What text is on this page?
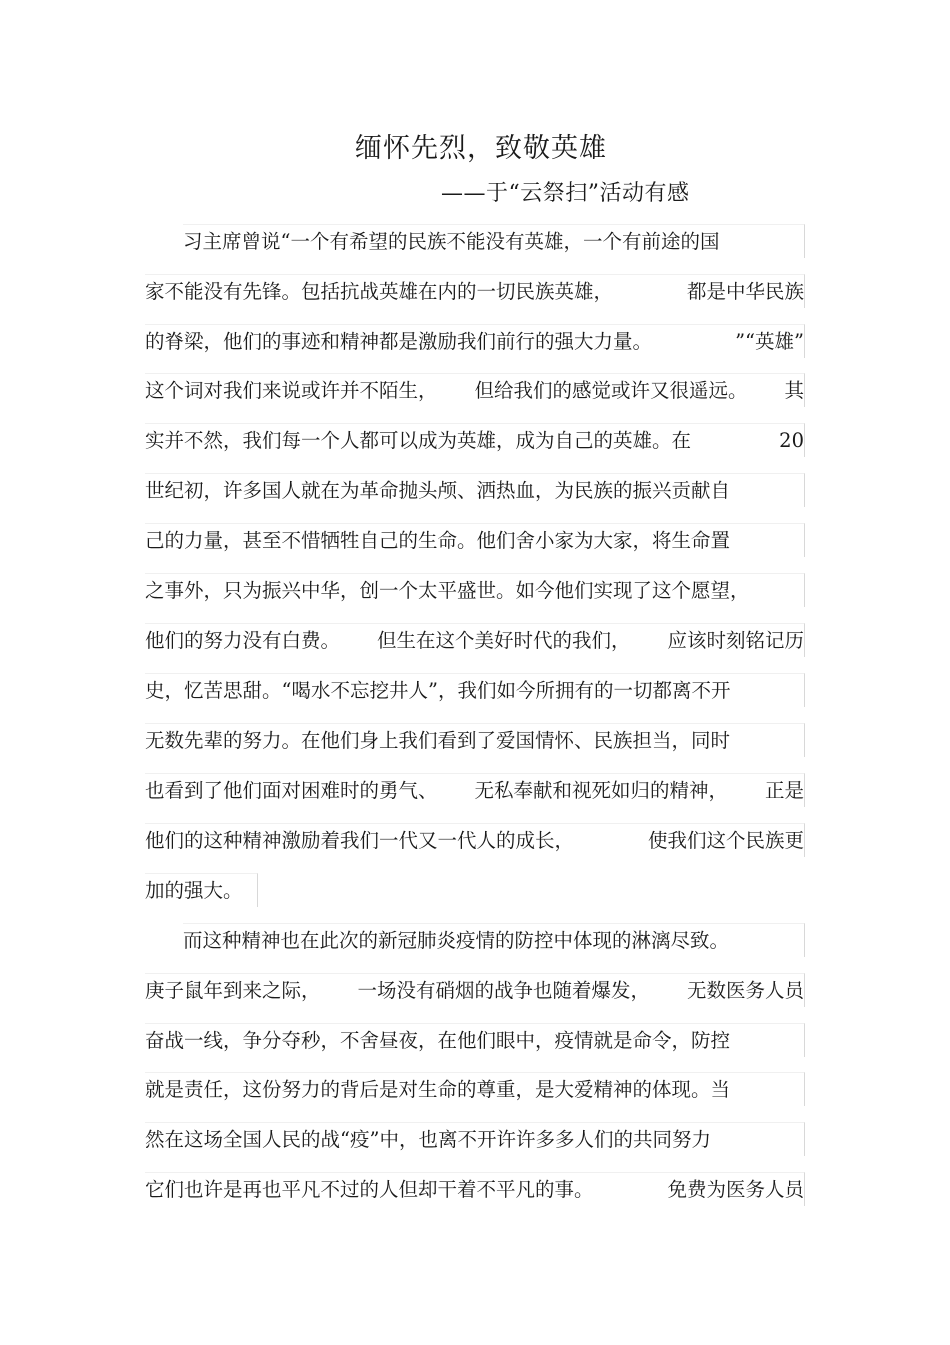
缅怀先烈，致敬英雄
——于“云祭扫”活动有感
习主席曾说“一个有希望的民族不能没有英雄，一个有前途的国
家不能没有先锋。包括抗战英雄在内的一切民族英雄，	都是中华民族
的脊梁，他们的事迹和精神都是激励我们前行的强大力量。	”“英雄”
这个词对我们来说或许并不陌生， 但给我们的感觉或许又很遥远。 其
实并不然，我们每一个人都可以成为英雄，成为自己的英雄。在	20
世纪初，许多国人就在为革命抛头颅、洒热血，为民族的振兴贡献自
己的力量，甚至不惜牺牲自己的生命。他们舍小家为大家，将生命置
之事外，只为振兴中华，创一个太平盛世。如今他们实现了这个愿望，
他们的努力没有白费。 但生在这个美好时代的我们， 应该时刻铭记历
史，忆苦思甜。“喝水不忘挖井人”，我们如今所拥有的一切都离不开
无数先辈的努力。在他们身上我们看到了爱国情怀、民族担当，同时
也看到了他们面对困难时的勇气、 无私奉献和视死如归的精神， 正是
他们的这种精神激励着我们一代又一代人的成长，	使我们这个民族更
加的强大。
而这种精神也在此次的新冠肺炎疫情的防控中体现的淋漓尽致。
庚子鼠年到来之际， 一场没有硝烟的战争也随着爆发， 无数医务人员
奋战一线，争分夺秒，不舍昼夜，在他们眼中，疫情就是命令，防控
就是责任，这份努力的背后是对生命的尊重，是大爱精神的体现。当
然在这场全国人民的战“疫”中，也离不开许许多多人们的共同努力
它们也许是再也平凡不过的人但却干着不平凡的事。	免费为医务人员
